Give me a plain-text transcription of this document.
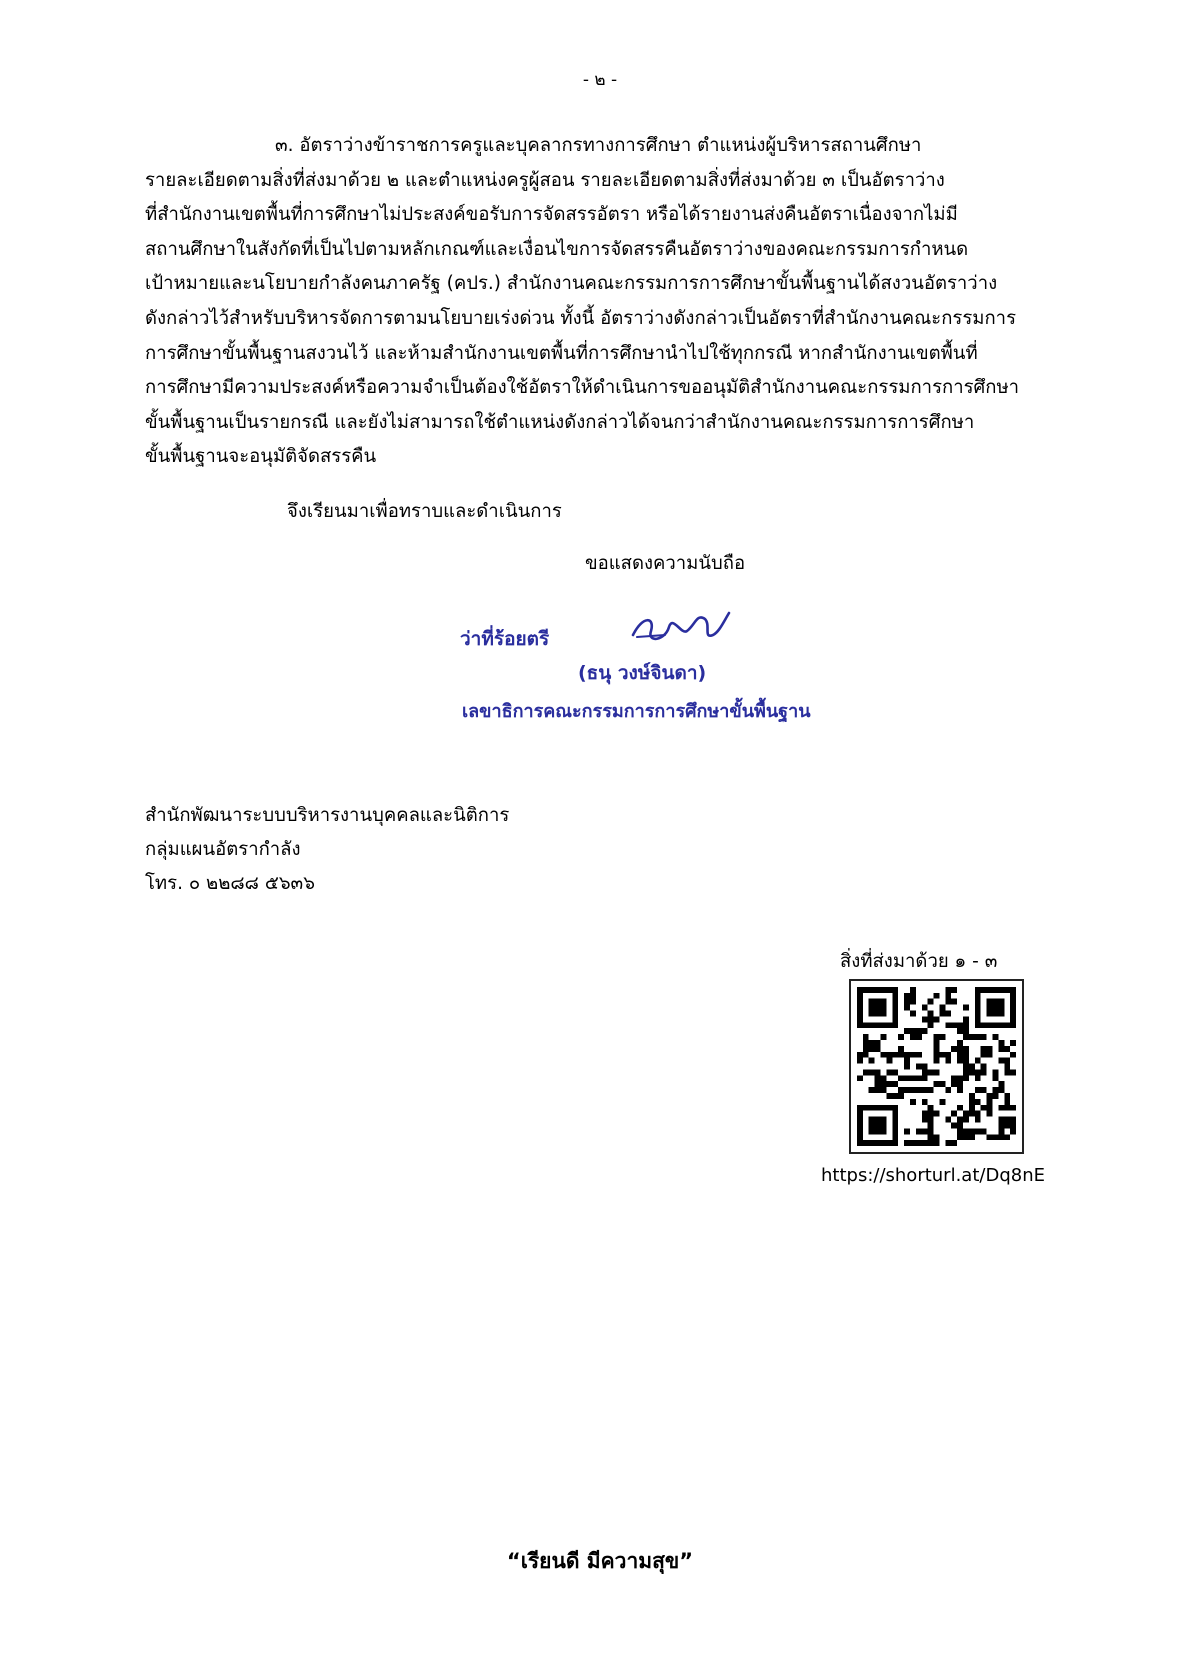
- ๒ -
๓. อัตราว่างข้าราชการครูและบุคลากรทางการศึกษา ตำแหน่งผู้บริหารสถานศึกษา
รายละเอียดตามสิ่งที่ส่งมาด้วย ๒ และตำแหน่งครูผู้สอน รายละเอียดตามสิ่งที่ส่งมาด้วย ๓ เป็นอัตราว่าง
ที่สำนักงานเขตพื้นที่การศึกษาไม่ประสงค์ขอรับการจัดสรรอัตรา หรือได้รายงานส่งคืนอัตราเนื่องจากไม่มี
สถานศึกษาในสังกัดที่เป็นไปตามหลักเกณฑ์และเงื่อนไขการจัดสรรคืนอัตราว่างของคณะกรรมการกำหนด
เป้าหมายและนโยบายกำลังคนภาครัฐ (คปร.) สำนักงานคณะกรรมการการศึกษาขั้นพื้นฐานได้สงวนอัตราว่าง
ดังกล่าวไว้สำหรับบริหารจัดการตามนโยบายเร่งด่วน ทั้งนี้ อัตราว่างดังกล่าวเป็นอัตราที่สำนักงานคณะกรรมการ
การศึกษาขั้นพื้นฐานสงวนไว้ และห้ามสำนักงานเขตพื้นที่การศึกษานำไปใช้ทุกกรณี หากสำนักงานเขตพื้นที่
การศึกษามีความประสงค์หรือความจำเป็นต้องใช้อัตราให้ดำเนินการขออนุมัติสำนักงานคณะกรรมการการศึกษา
ขั้นพื้นฐานเป็นรายกรณี และยังไม่สามารถใช้ตำแหน่งดังกล่าวได้จนกว่าสำนักงานคณะกรรมการการศึกษา
ขั้นพื้นฐานจะอนุมัติจัดสรรคืน
จึงเรียนมาเพื่อทราบและดำเนินการ
ขอแสดงความนับถือ
ว่าที่ร้อยตรี
(ธนุ วงษ์จินดา)
เลขาธิการคณะกรรมการการศึกษาขั้นพื้นฐาน
สำนักพัฒนาระบบบริหารงานบุคคลและนิติการ
กลุ่มแผนอัตรากำลัง
โทร. ๐ ๒๒๘๘ ๕๖๓๖
สิ่งที่ส่งมาด้วย ๑ - ๓
https://shorturl.at/Dq8nE
“เรียนดี มีความสุข”
